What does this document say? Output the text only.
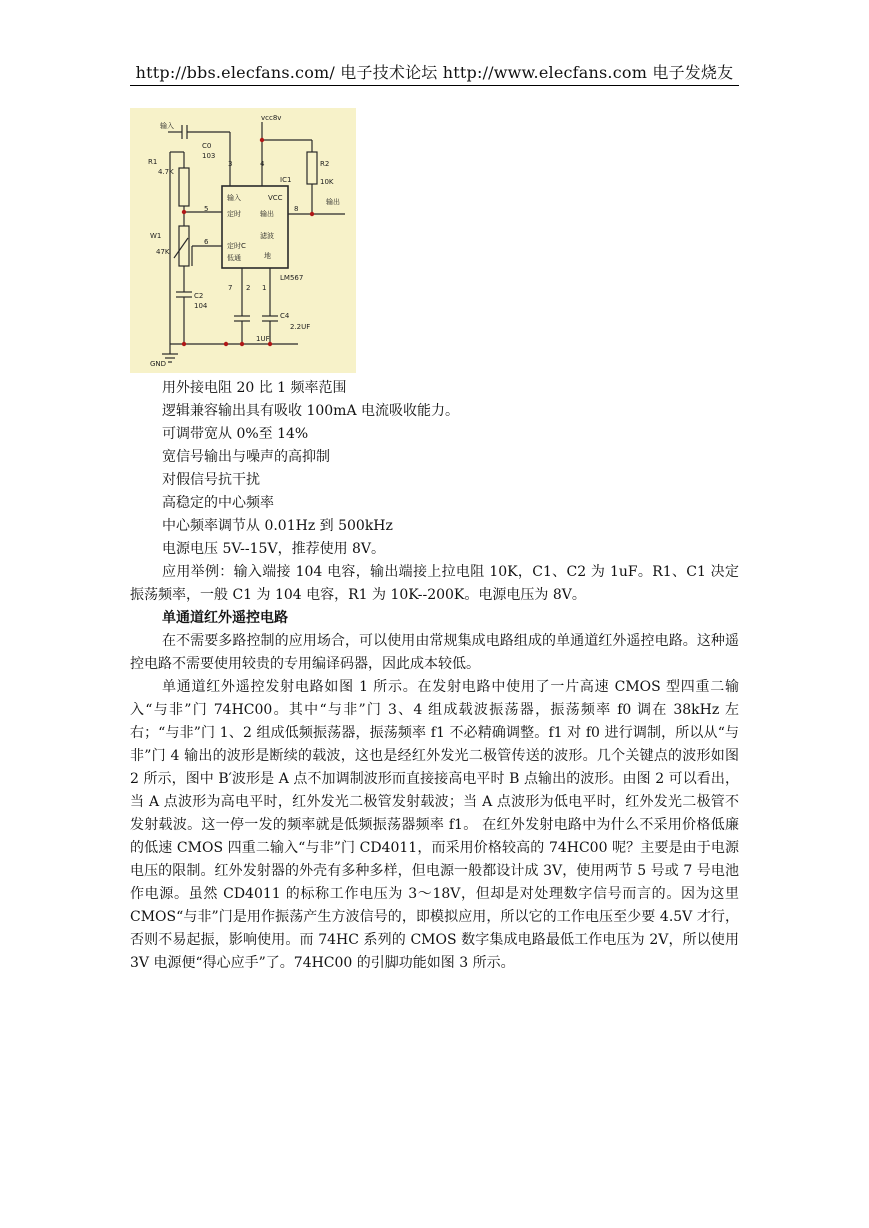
http://bbs.elecfans.com/ 电子技术论坛 http://www.elecfans.com 电子发烧友
输入
vcc8v
C0
103
R1
4.7K
R2
10K
IC1
输出
W1
47K
LM567
C2
104
C4
2.2UF
1UF
GND
输入
定时	输出
VCC
定时C
低通
滤波
地
3	4
5	8
6
7 2 1

用外接电阻 20 比 1 频率范围

逻辑兼容输出具有吸收 100mA 电流吸收能力。

可调带宽从 0%至 14%

宽信号输出与噪声的高抑制

对假信号抗干扰

高稳定的中心频率

中心频率调节从 0.01Hz 到 500kHz

电源电压 5V--15V，推荐使用 8V。

应用举例：输入端接 104 电容，输出端接上拉电阻 10K，C1、C2 为 1uF。R1、C1 决定振荡频率，一般 C1 为 104 电容，R1 为 10K--200K。电源电压为 8V。

单通道红外遥控电路

在不需要多路控制的应用场合，可以使用由常规集成电路组成的单通道红外遥控电路。这种遥控电路不需要使用较贵的专用编译码器，因此成本较低。

单通道红外遥控发射电路如图 1 所示。在发射电路中使用了一片高速 CMOS 型四重二输入“与非”门 74HC00。其中“与非”门 3、4 组成载波振荡器，振荡频率 f0 调在 38kHz 左右；“与非”门 1、2 组成低频振荡器，振荡频率 f1 不必精确调整。f1 对 f0 进行调制，所以从“与非”门 4 输出的波形是断续的载波，这也是经红外发光二极管传送的波形。几个关键点的波形如图 2 所示，图中 B′波形是 A 点不加调制波形而直接接高电平时 B 点输出的波形。由图 2 可以看出，当 A 点波形为高电平时，红外发光二极管发射载波；当 A 点波形为低电平时，红外发光二极管不发射载波。这一停一发的频率就是低频振荡器频率 f1。 在红外发射电路中为什么不采用价格低廉的低速 CMOS 四重二输入“与非”门 CD4011，而采用价格较高的 74HC00 呢？主要是由于电源电压的限制。红外发射器的外壳有多种多样，但电源一般都设计成 3V，使用两节 5 号或 7 号电池作电源。虽然 CD4011 的标称工作电压为 3～18V，但却是对处理数字信号而言的。因为这里 CMOS“与非”门是用作振荡产生方波信号的，即模拟应用，所以它的工作电压至少要 4.5V 才行，否则不易起振，影响使用。而 74HC 系列的 CMOS 数字集成电路最低工作电压为 2V，所以使用 3V 电源便“得心应手”了。74HC00 的引脚功能如图 3 所示。
